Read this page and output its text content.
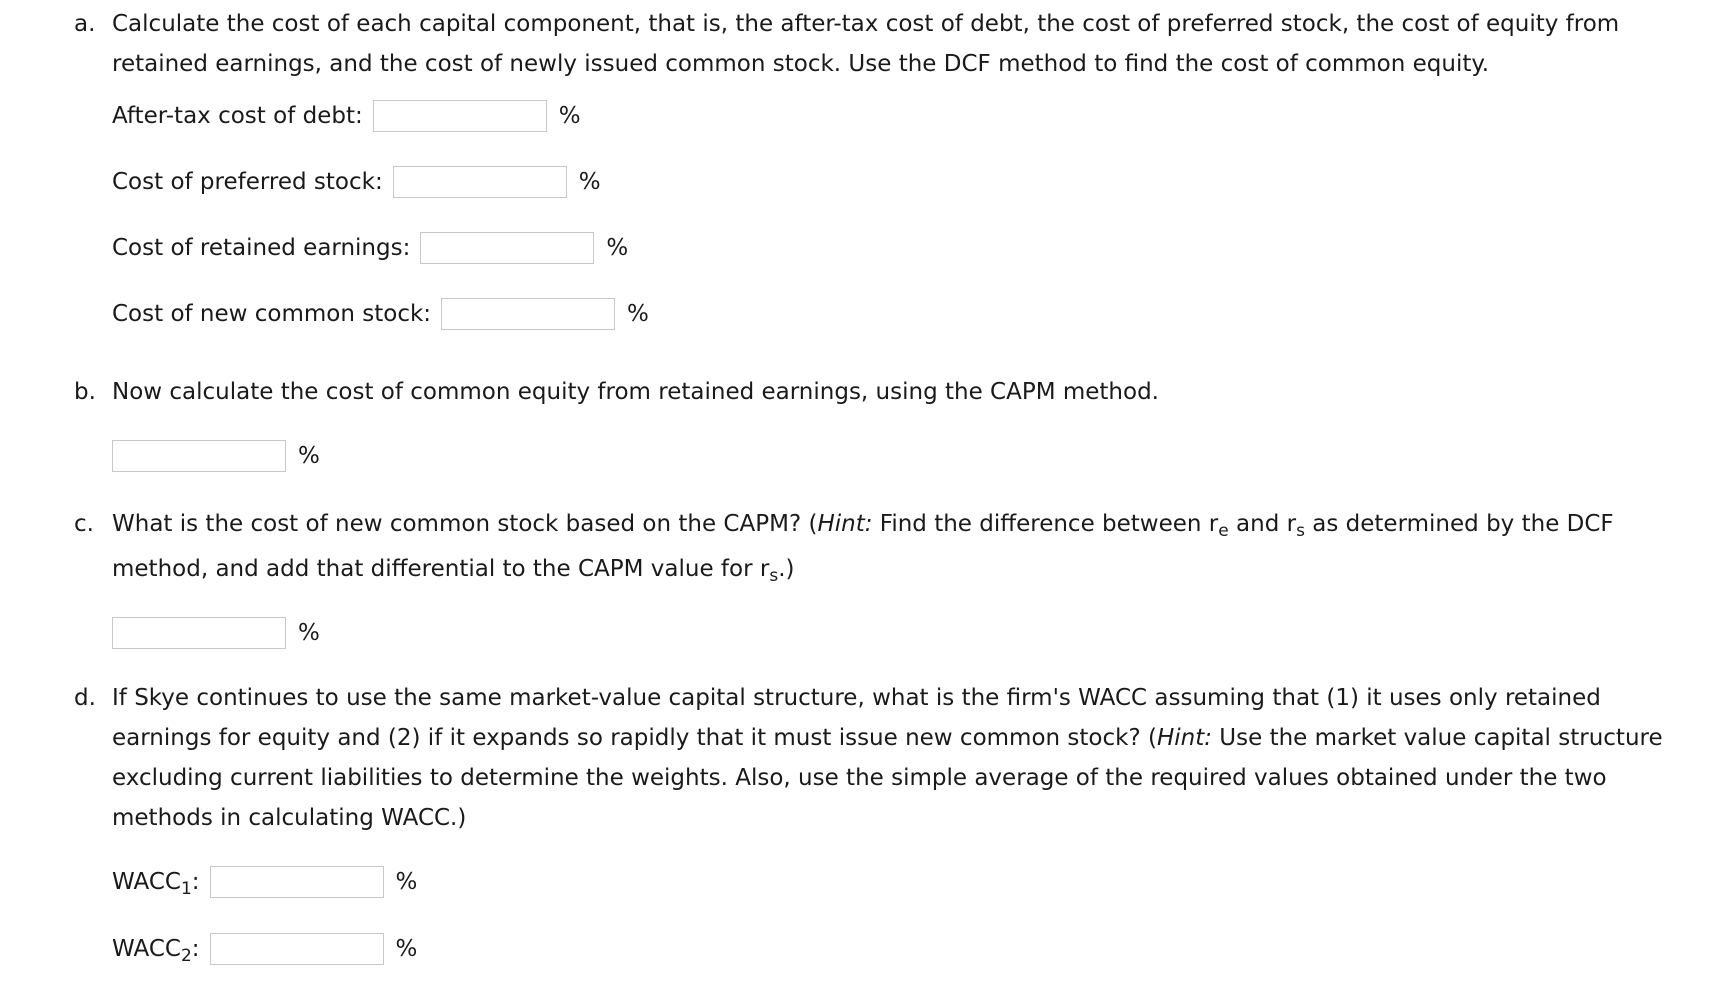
a. Calculate the cost of each capital component, that is, the after-tax cost of debt, the cost of preferred stock, the cost of equity from retained earnings, and the cost of newly issued common stock. Use the DCF method to find the cost of common equity.
After-tax cost of debt:	%
Cost of preferred stock:	%
Cost of retained earnings:	%
Cost of new common stock:	%
b. Now calculate the cost of common equity from retained earnings, using the CAPM method.
%
c. What is the cost of new common stock based on the CAPM? (Hint: Find the difference between $r_e$ and $r_s$ as determined by the DCF method, and add that differential to the CAPM value for $r_s$.)
%
d. If Skye continues to use the same market-value capital structure, what is the firm's WACC assuming that (1) it uses only retained earnings for equity and (2) if it expands so rapidly that it must issue new common stock? (Hint: Use the market value capital structure excluding current liabilities to determine the weights. Also, use the simple average of the required values obtained under the two methods in calculating WACC.)
$WACC_1$:	%
$WACC_2$:	%
